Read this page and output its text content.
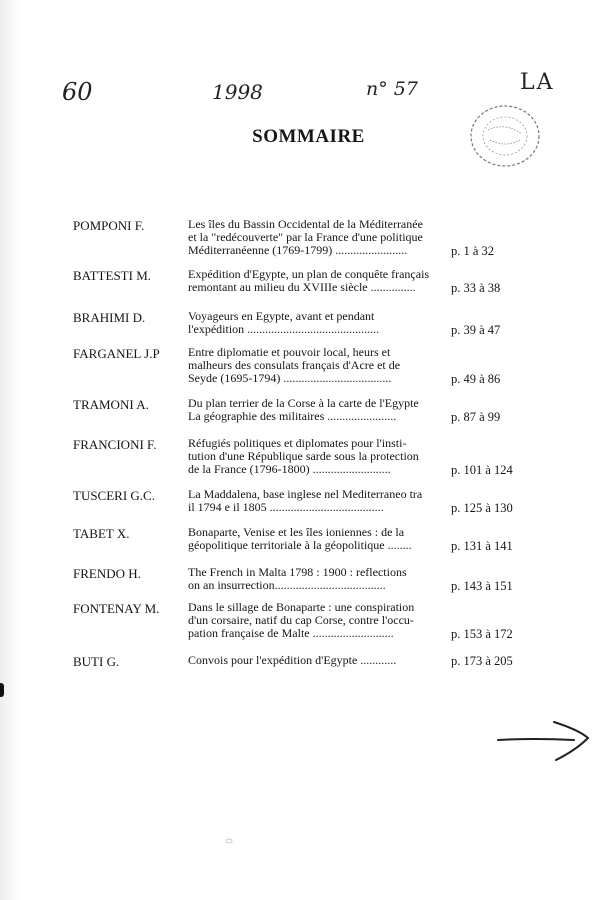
60	1998	n° 57	LA
SOMMAIRE
POMPONI F.	Les îles du Bassin Occidental de la Méditerranée
et la "redécouverte" par la France d'une politique
Méditerranéenne (1769-1799) ........................	p. 1 à 32
BATTESTI M.	Expédition d'Egypte, un plan de conquête français
remontant au milieu du XVIIIe siècle ...............	p. 33 à 38
BRAHIMI D.	Voyageurs en Egypte, avant et pendant
l'expédition ............................................	p. 39 à 47
FARGANEL J.P Entre diplomatie et pouvoir local, heurs et
malheurs des consulats français d'Acre et de
Seyde (1695-1794) ....................................	p. 49 à 86
TRAMONI A.	Du plan terrier de la Corse à la carte de l'Egypte
La géographie des militaires .......................	p. 87 à 99
FRANCIONI F.	Réfugiés politiques et diplomates pour l'insti-
tution d'une République sarde sous la protection
de la France (1796-1800) ..........................	p. 101 à 124
TUSCERI G.C.	La Maddalena, base inglese nel Mediterraneo tra
il 1794 e il 1805 ......................................	p. 125 à 130
TABET X.	Bonaparte, Venise et les îles ioniennes : de la
géopolitique territoriale à la géopolitique ........	p. 131 à 141
FRENDO H.	The French in Malta 1798 : 1900 : reflections
on an insurrection.....................................	p. 143 à 151
FONTENAY M. Dans le sillage de Bonaparte : une conspiration
d'un corsaire, natif du cap Corse, contre l'occu-
pation française de Malte ...........................	p. 153 à 172
BUTI G.	Convois pour l'expédition d'Egypte ............	p. 173 à 205
